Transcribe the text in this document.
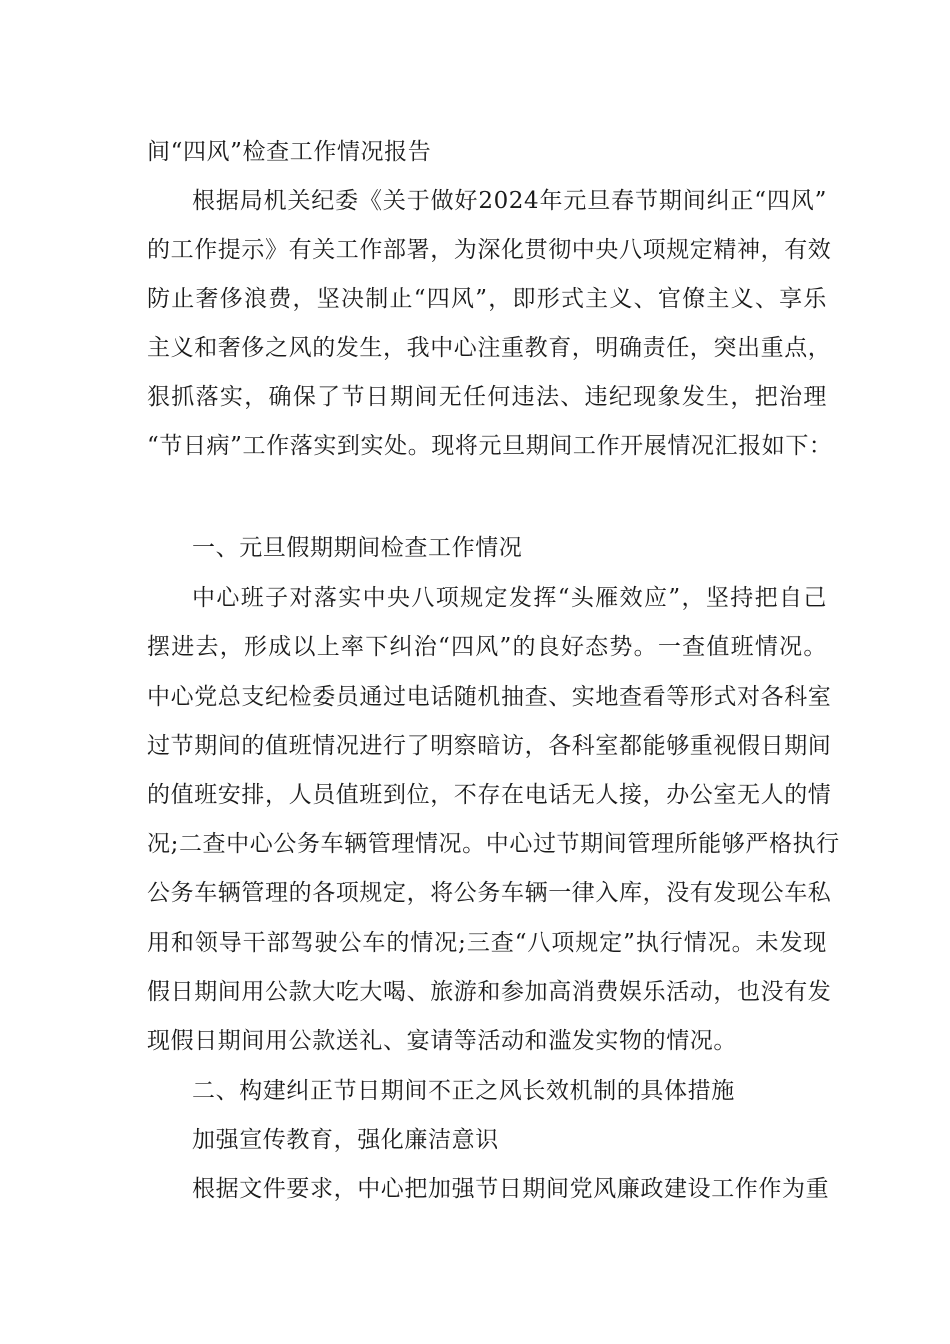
间“四风”检查工作情况报告
根据局机关纪委《关于做好2024年元旦春节期间纠正“四风”
的工作提示》有关工作部署，为深化贯彻中央八项规定精神，有效
防止奢侈浪费，坚决制止“四风”，即形式主义、官僚主义、享乐
主义和奢侈之风的发生，我中心注重教育，明确责任，突出重点，
狠抓落实，确保了节日期间无任何违法、违纪现象发生，把治理
“节日病”工作落实到实处。现将元旦期间工作开展情况汇报如下：
一、元旦假期期间检查工作情况
中心班子对落实中央八项规定发挥“头雁效应”，坚持把自己
摆进去，形成以上率下纠治“四风”的良好态势。一查值班情况。
中心党总支纪检委员通过电话随机抽查、实地查看等形式对各科室
过节期间的值班情况进行了明察暗访，各科室都能够重视假日期间
的值班安排，人员值班到位，不存在电话无人接，办公室无人的情
况;二查中心公务车辆管理情况。中心过节期间管理所能够严格执行
公务车辆管理的各项规定，将公务车辆一律入库，没有发现公车私
用和领导干部驾驶公车的情况;三查“八项规定”执行情况。未发现
假日期间用公款大吃大喝、旅游和参加高消费娱乐活动，也没有发
现假日期间用公款送礼、宴请等活动和滥发实物的情况。
二、构建纠正节日期间不正之风长效机制的具体措施
加强宣传教育，强化廉洁意识
根据文件要求，中心把加强节日期间党风廉政建设工作作为重
